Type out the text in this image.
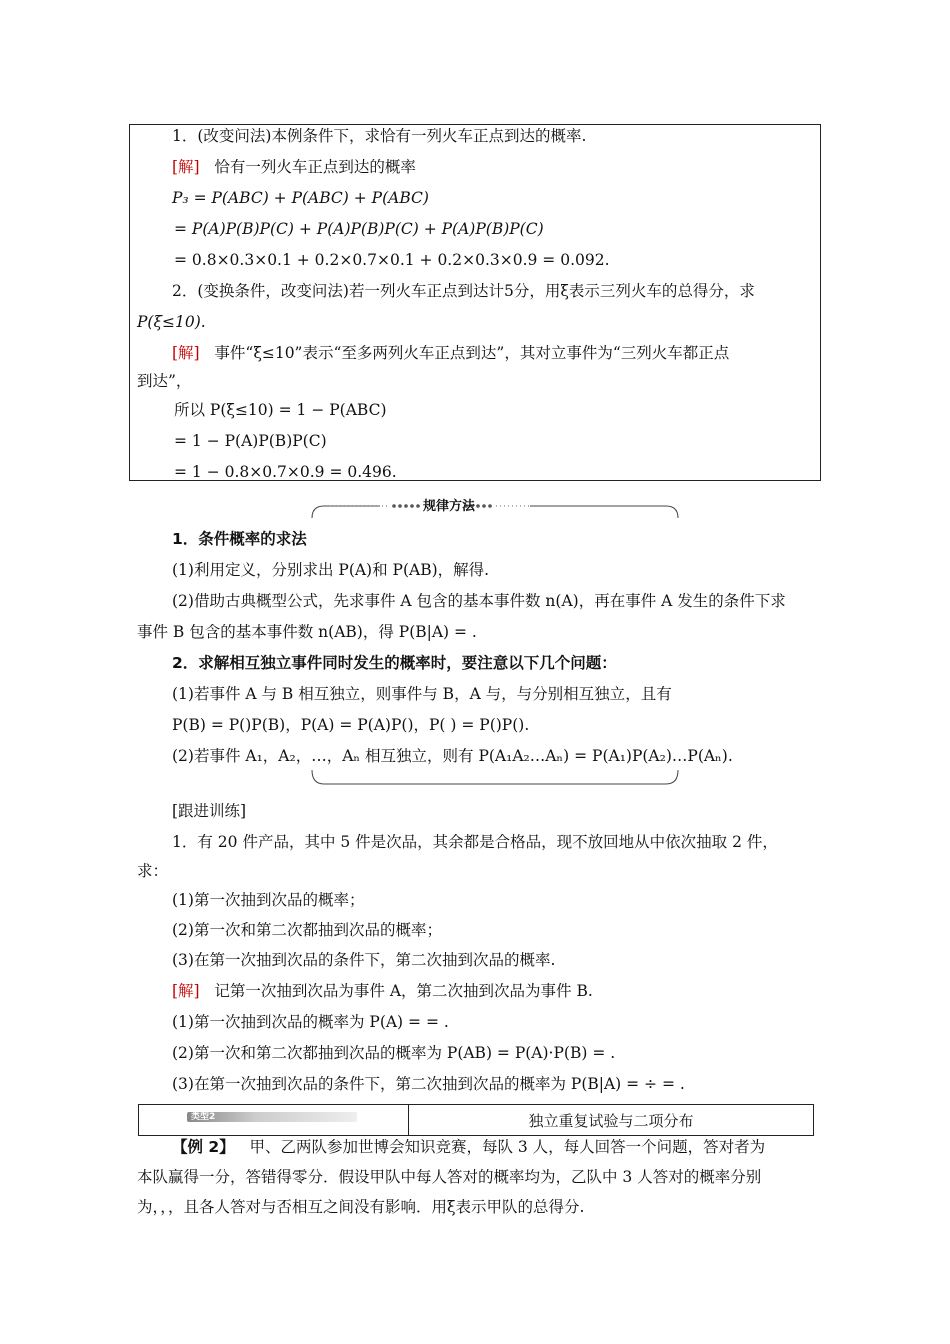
1．(改变问法)本例条件下，求恰有一列火车正点到达的概率.
[解] 恰有一列火车正点到达的概率
P₃ = P(ABC) + P(ABC) + P(ABC)
= P(A)P(B)P(C) + P(A)P(B)P(C) + P(A)P(B)P(C)
= 0.8×0.3×0.1 + 0.2×0.7×0.1 + 0.2×0.3×0.9 = 0.092.
2．(变换条件，改变问法)若一列火车正点到达计5分，用ξ表示三列火车的总得分，求
P(ξ≤10).
[解] 事件“ξ≤10”表示“至多两列火车正点到达”，其对立事件为“三列火车都正点
到达”，
所以 P(ξ≤10) = 1 − P(ABC)
= 1 − P(A)P(B)P(C)
= 1 − 0.8×0.7×0.9 = 0.496.
规律方法
1．条件概率的求法
(1)利用定义，分别求出 P(A)和 P(AB)，解得.
(2)借助古典概型公式，先求事件 A 包含的基本事件数 n(A)，再在事件 A 发生的条件下求
事件 B 包含的基本事件数 n(AB)，得 P(B|A) = .
2．求解相互独立事件同时发生的概率时，要注意以下几个问题：
(1)若事件 A 与 B 相互独立，则事件与 B，A 与，与分别相互独立，且有
P(B) = P()P(B)，P(A) = P(A)P()，P( ) = P()P().
(2)若事件 A₁，A₂，…，Aₙ 相互独立，则有 P(A₁A₂…Aₙ) = P(A₁)P(A₂)…P(Aₙ).
[跟进训练]
1．有 20 件产品，其中 5 件是次品，其余都是合格品，现不放回地从中依次抽取 2 件，
求：
(1)第一次抽到次品的概率；
(2)第一次和第二次都抽到次品的概率；
(3)在第一次抽到次品的条件下，第二次抽到次品的概率.
[解] 记第一次抽到次品为事件 A，第二次抽到次品为事件 B.
(1)第一次抽到次品的概率为 P(A) = = .
(2)第一次和第二次都抽到次品的概率为 P(AB) = P(A)·P(B) = .
(3)在第一次抽到次品的条件下，第二次抽到次品的概率为 P(B|A) = ÷ = .
类型2	独立重复试验与二项分布
【例 2】 甲、乙两队参加世博会知识竞赛，每队 3 人，每人回答一个问题，答对者为
本队赢得一分，答错得零分．假设甲队中每人答对的概率均为，乙队中 3 人答对的概率分别
为，，，且各人答对与否相互之间没有影响．用ξ表示甲队的总得分.
